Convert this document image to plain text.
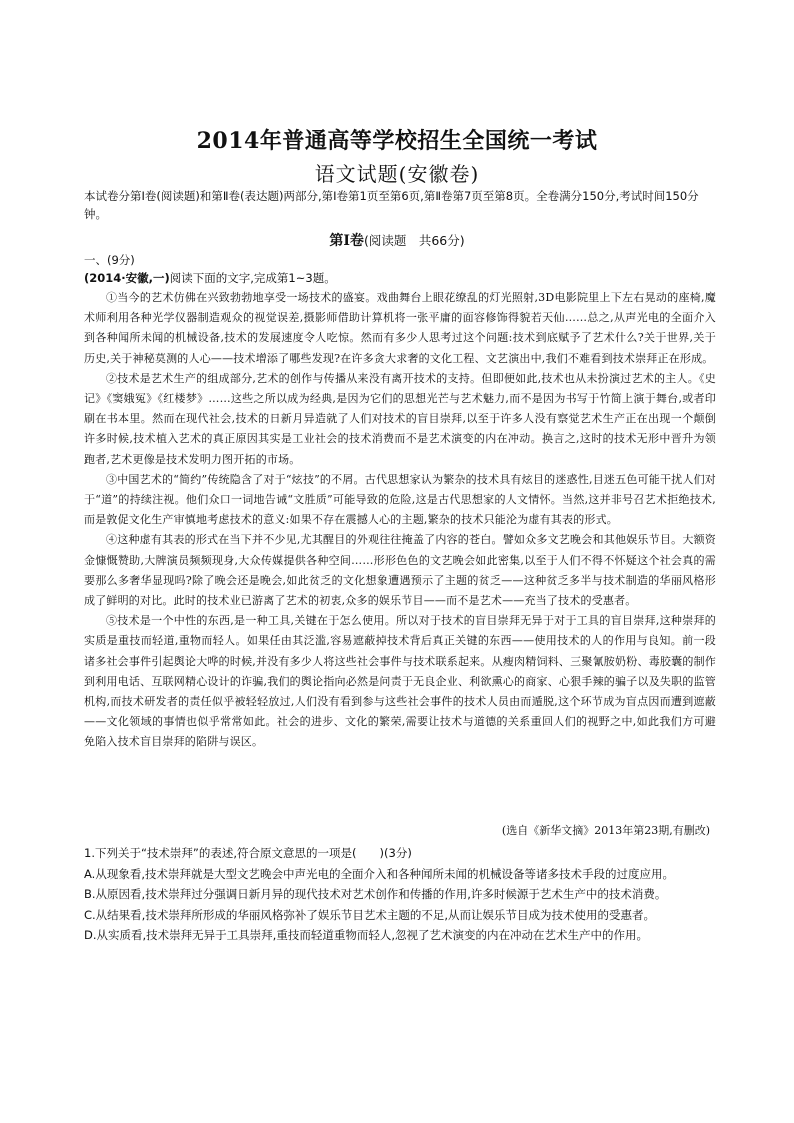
2014年普通高等学校招生全国统一考试
语文试题(安徽卷)
本试卷分第Ⅰ卷(阅读题)和第Ⅱ卷(表达题)两部分,第Ⅰ卷第1页至第6页,第Ⅱ卷第7页至第8页。全卷满分150分,考试时间150分钟。
第Ⅰ卷(阅读题　共66分)
一、(9分)
(2014·安徽,一)阅读下面的文字,完成第1~3题。

①当今的艺术仿佛在兴致勃勃地享受一场技术的盛宴。戏曲舞台上眼花缭乱的灯光照射,3D电影院里上下左右晃动的座椅,魔术师利用各种光学仪器制造观众的视觉误差,摄影师借助计算机将一张平庸的面容修饰得貌若天仙……总之,从声光电的全面介入到各种闻所未闻的机械设备,技术的发展速度令人吃惊。然而有多少人思考过这个问题:技术到底赋予了艺术什么?关于世界,关于历史,关于神秘莫测的人心——技术增添了哪些发现?在许多贪大求奢的文化工程、文艺演出中,我们不难看到技术崇拜正在形成。

②技术是艺术生产的组成部分,艺术的创作与传播从来没有离开技术的支持。但即便如此,技术也从未扮演过艺术的主人。《史记》《窦娥冤》《红楼梦》……这些之所以成为经典,是因为它们的思想光芒与艺术魅力,而不是因为书写于竹简上演于舞台,或者印刷在书本里。然而在现代社会,技术的日新月异造就了人们对技术的盲目崇拜,以至于许多人没有察觉艺术生产正在出现一个颠倒许多时候,技术植入艺术的真正原因其实是工业社会的技术消费而不是艺术演变的内在冲动。换言之,这时的技术无形中晋升为领跑者,艺术更像是技术发明力图开拓的市场。

③中国艺术的“简约”传统隐含了对于“炫技”的不屑。古代思想家认为繁杂的技术具有炫目的迷惑性,目迷五色可能干扰人们对于“道”的持续注视。他们众口一词地告诫“文胜质”可能导致的危险,这是古代思想家的人文情怀。当然,这并非号召艺术拒绝技术,而是敦促文化生产审慎地考虑技术的意义:如果不存在震撼人心的主题,繁杂的技术只能沦为虚有其表的形式。

④这种虚有其表的形式在当下并不少见,尤其醒目的外观往往掩盖了内容的苍白。譬如众多文艺晚会和其他娱乐节目。大额资金慷慨赞助,大牌演员频频现身,大众传媒提供各种空间……形形色色的文艺晚会如此密集,以至于人们不得不怀疑这个社会真的需要那么多奢华显现吗?除了晚会还是晚会,如此贫乏的文化想象遭遇预示了主题的贫乏——这种贫乏多半与技术制造的华丽风格形成了鲜明的对比。此时的技术业已游离了艺术的初衷,众多的娱乐节目——而不是艺术——充当了技术的受惠者。

⑤技术是一个中性的东西,是一种工具,关键在于怎么使用。所以对于技术的盲目崇拜无异于对于工具的盲目崇拜,这种崇拜的实质是重技而轻道,重物而轻人。如果任由其泛滥,容易遮蔽掉技术背后真正关键的东西——使用技术的人的作用与良知。前一段诸多社会事件引起舆论大哗的时候,并没有多少人将这些社会事件与技术联系起来。从瘦肉精饲料、三聚氰胺奶粉、毒胶囊的制作到利用电话、互联网精心设计的诈骗,我们的舆论指向必然是问责于无良企业、利欲熏心的商家、心狠手辣的骗子以及失职的监管机构,而技术研发者的责任似乎被轻轻放过,人们没有看到参与这些社会事件的技术人员由而遁脱,这个环节成为盲点因而遭到遮蔽——文化领域的事情也似乎常常如此。社会的进步、文化的繁荣,需要让技术与道德的关系重回人们的视野之中,如此我们方可避免陷入技术盲目崇拜的陷阱与误区。

(选自《新华文摘》2013年第23期,有删改)
1.下列关于“技术崇拜”的表述,符合原文意思的一项是(　　)(3分)
A.从现象看,技术崇拜就是大型文艺晚会中声光电的全面介入和各种闻所未闻的机械设备等诸多技术手段的过度应用。
B.从原因看,技术崇拜过分强调日新月异的现代技术对艺术创作和传播的作用,许多时候源于艺术生产中的技术消费。
C.从结果看,技术崇拜所形成的华丽风格弥补了娱乐节目艺术主题的不足,从而让娱乐节目成为技术使用的受惠者。
D.从实质看,技术崇拜无异于工具崇拜,重技而轻道重物而轻人,忽视了艺术演变的内在冲动在艺术生产中的作用。
